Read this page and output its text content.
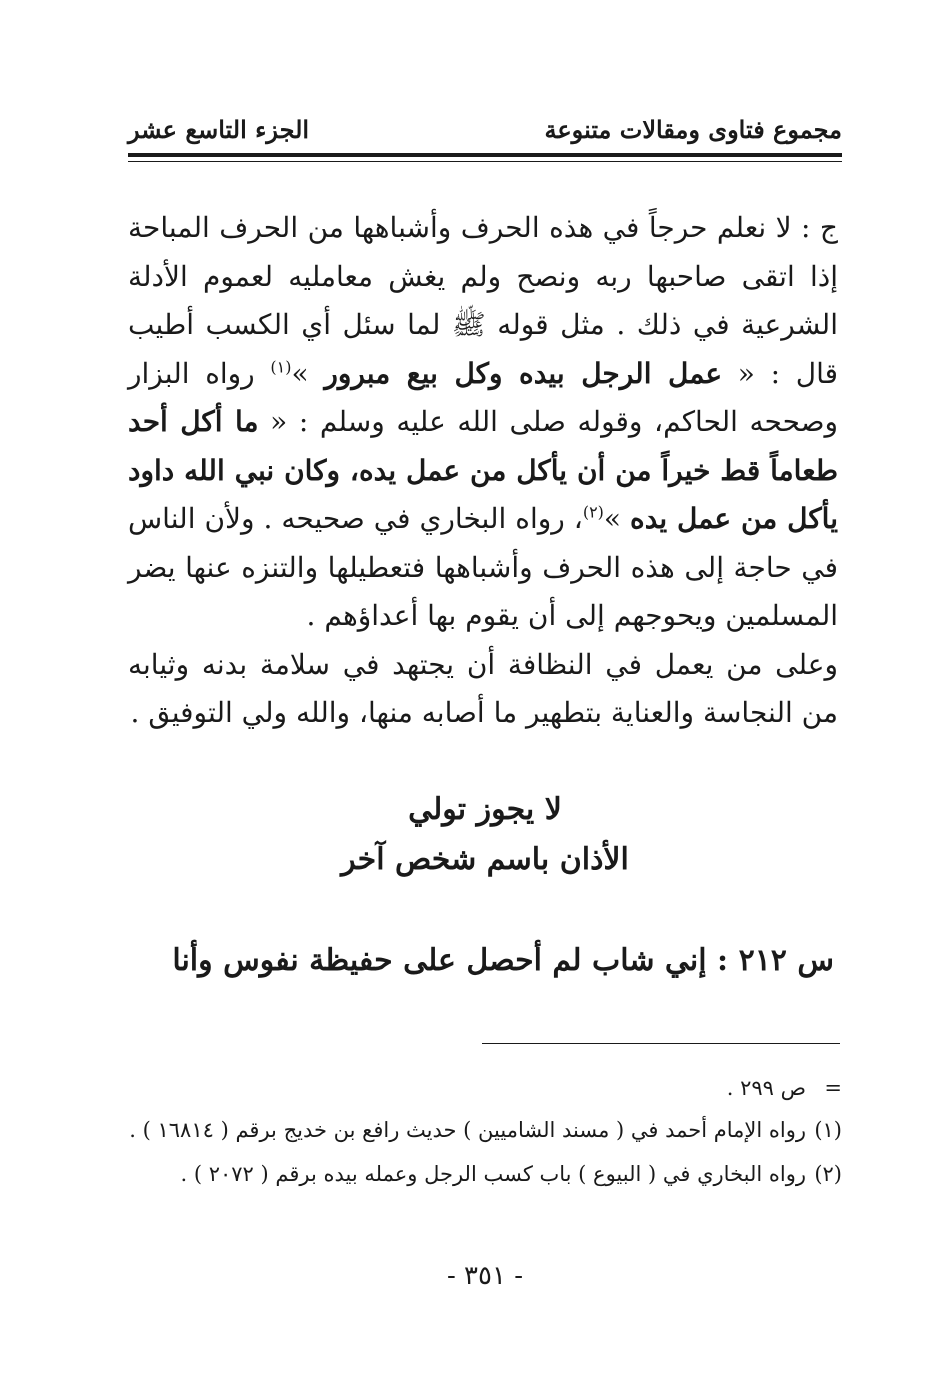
مجموع فتاوى ومقالات متنوعة
الجزء التاسع عشر

ج : لا نعلم حرجاً في هذه الحرف وأشباهها من الحرف المباحة إذا اتقى صاحبها ربه ونصح ولم يغش معامليه لعموم الأدلة الشرعية في ذلك . مثل قوله ﷺ لما سئل أي الكسب أطيب قال : « عمل الرجل بيده وكل بيع مبرور »$^{(١)}$ رواه البزار وصححه الحاكم، وقوله صلى الله عليه وسلم : « ما أكل أحد طعاماً قط خيراً من أن يأكل من عمل يده، وكان نبي الله داود يأكل من عمل يده »$^{(٢)}$، رواه البخاري في صحيحه . ولأن الناس في حاجة إلى هذه الحرف وأشباهها فتعطيلها والتنزه عنها يضر المسلمين ويحوجهم إلى أن يقوم بها أعداؤهم .

وعلى من يعمل في النظافة أن يجتهد في سلامة بدنه وثيابه من النجاسة والعناية بتطهير ما أصابه منها، والله ولي التوفيق .

لا يجوز تولي
الأذان باسم شخص آخر
س ٢١٢ : إني شاب لم أحصل على حفيظة نفوس وأنا
=
ص ٢٩٩ .
(١)
رواه الإمام أحمد في ( مسند الشاميين ) حديث رافع بن خديج برقم ( ١٦٨١٤ ) .
(٢)
رواه البخاري في ( البيوع ) باب كسب الرجل وعمله بيده برقم ( ٢٠٧٢ ) .
- ٣٥١ -
